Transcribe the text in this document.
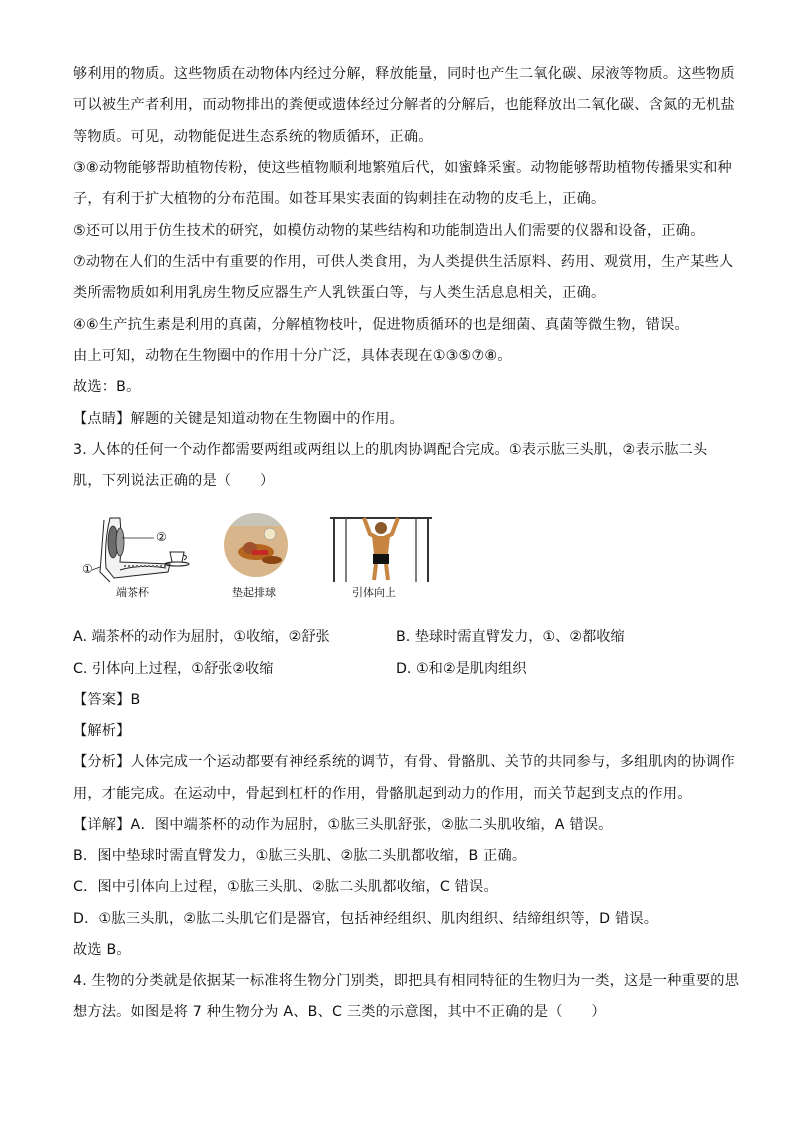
够利用的物质。这些物质在动物体内经过分解，释放能量，同时也产生二氧化碳、尿液等物质。这些物质
可以被生产者利用，而动物排出的粪便或遗体经过分解者的分解后，也能释放出二氧化碳、含氮的无机盐
等物质。可见，动物能促进生态系统的物质循环，正确。
③⑧动物能够帮助植物传粉，使这些植物顺利地繁殖后代，如蜜蜂采蜜。动物能够帮助植物传播果实和种
子，有利于扩大植物的分布范围。如苍耳果实表面的钩刺挂在动物的皮毛上，正确。
⑤还可以用于仿生技术的研究，如模仿动物的某些结构和功能制造出人们需要的仪器和设备，正确。
⑦动物在人们的生活中有重要的作用，可供人类食用，为人类提供生活原料、药用、观赏用，生产某些人
类所需物质如利用乳房生物反应器生产人乳铁蛋白等，与人类生活息息相关，正确。
④⑥生产抗生素是利用的真菌，分解植物枝叶，促进物质循环的也是细菌、真菌等微生物，错误。
由上可知，动物在生物圈中的作用十分广泛，具体表现在①③⑤⑦⑧。
故选：B。
【点睛】解题的关键是知道动物在生物圈中的作用。
3. 人体的任何一个动作都需要两组或两组以上的肌肉协调配合完成。①表示肱三头肌，②表示肱二头
肌，下列说法正确的是（　　）
②
①
端茶杯	垫起排球	引体向上
A. 端茶杯的动作为屈肘，①收缩，②舒张	B. 垫球时需直臂发力，①、②都收缩
C. 引体向上过程，①舒张②收缩	D. ①和②是肌肉组织
【答案】B
【解析】
【分析】人体完成一个运动都要有神经系统的调节，有骨、骨骼肌、关节的共同参与，多组肌肉的协调作
用，才能完成。在运动中，骨起到杠杆的作用，骨骼肌起到动力的作用，而关节起到支点的作用。
【详解】A．图中端茶杯的动作为屈肘，①肱三头肌舒张，②肱二头肌收缩，A 错误。
B．图中垫球时需直臂发力，①肱三头肌、②肱二头肌都收缩，B 正确。
C．图中引体向上过程，①肱三头肌、②肱二头肌都收缩，C 错误。
D．①肱三头肌，②肱二头肌它们是器官，包括神经组织、肌肉组织、结缔组织等，D 错误。
故选 B。
4. 生物的分类就是依据某一标准将生物分门别类，即把具有相同特征的生物归为一类，这是一种重要的思
想方法。如图是将 7 种生物分为 A、B、C 三类的示意图，其中不正确的是（　　）
